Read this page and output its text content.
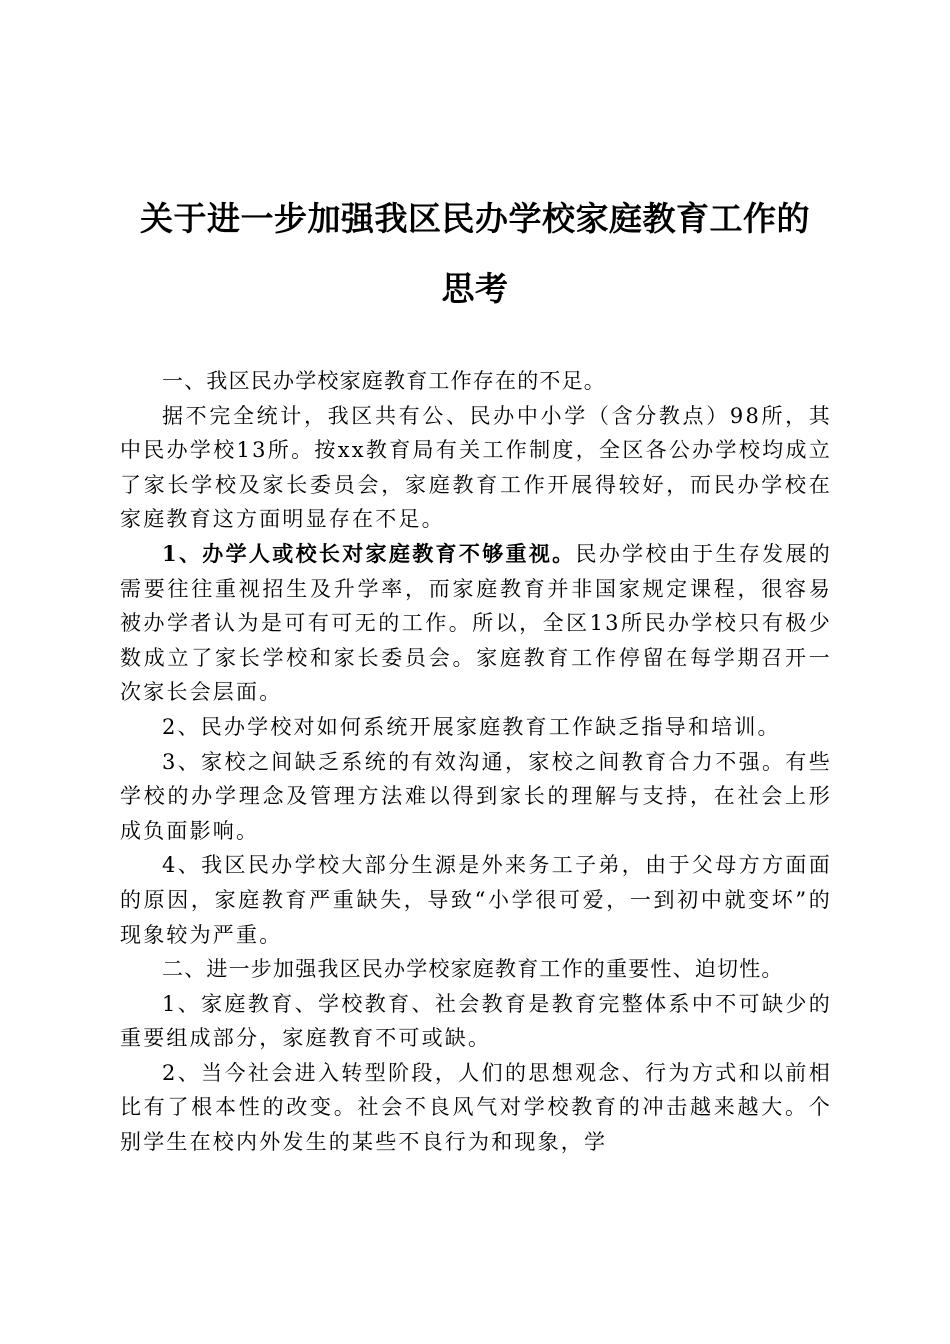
关于进一步加强我区民办学校家庭教育工作的
思考

一、我区民办学校家庭教育工作存在的不足。

据不完全统计，我区共有公、民办中小学（含分教点）98所，其中民办学校13所。按xx教育局有关工作制度，全区各公办学校均成立了家长学校及家长委员会，家庭教育工作开展得较好，而民办学校在家庭教育这方面明显存在不足。

1、办学人或校长对家庭教育不够重视。民办学校由于生存发展的需要往往重视招生及升学率，而家庭教育并非国家规定课程，很容易被办学者认为是可有可无的工作。所以，全区13所民办学校只有极少数成立了家长学校和家长委员会。家庭教育工作停留在每学期召开一次家长会层面。

2、民办学校对如何系统开展家庭教育工作缺乏指导和培训。

3、家校之间缺乏系统的有效沟通，家校之间教育合力不强。有些学校的办学理念及管理方法难以得到家长的理解与支持，在社会上形成负面影响。

4、我区民办学校大部分生源是外来务工子弟，由于父母方方面面的原因，家庭教育严重缺失，导致“小学很可爱，一到初中就变坏”的现象较为严重。

二、进一步加强我区民办学校家庭教育工作的重要性、迫切性。

1、家庭教育、学校教育、社会教育是教育完整体系中不可缺少的重要组成部分，家庭教育不可或缺。

2、当今社会进入转型阶段，人们的思想观念、行为方式和以前相比有了根本性的改变。社会不良风气对学校教育的冲击越来越大。个别学生在校内外发生的某些不良行为和现象，学
